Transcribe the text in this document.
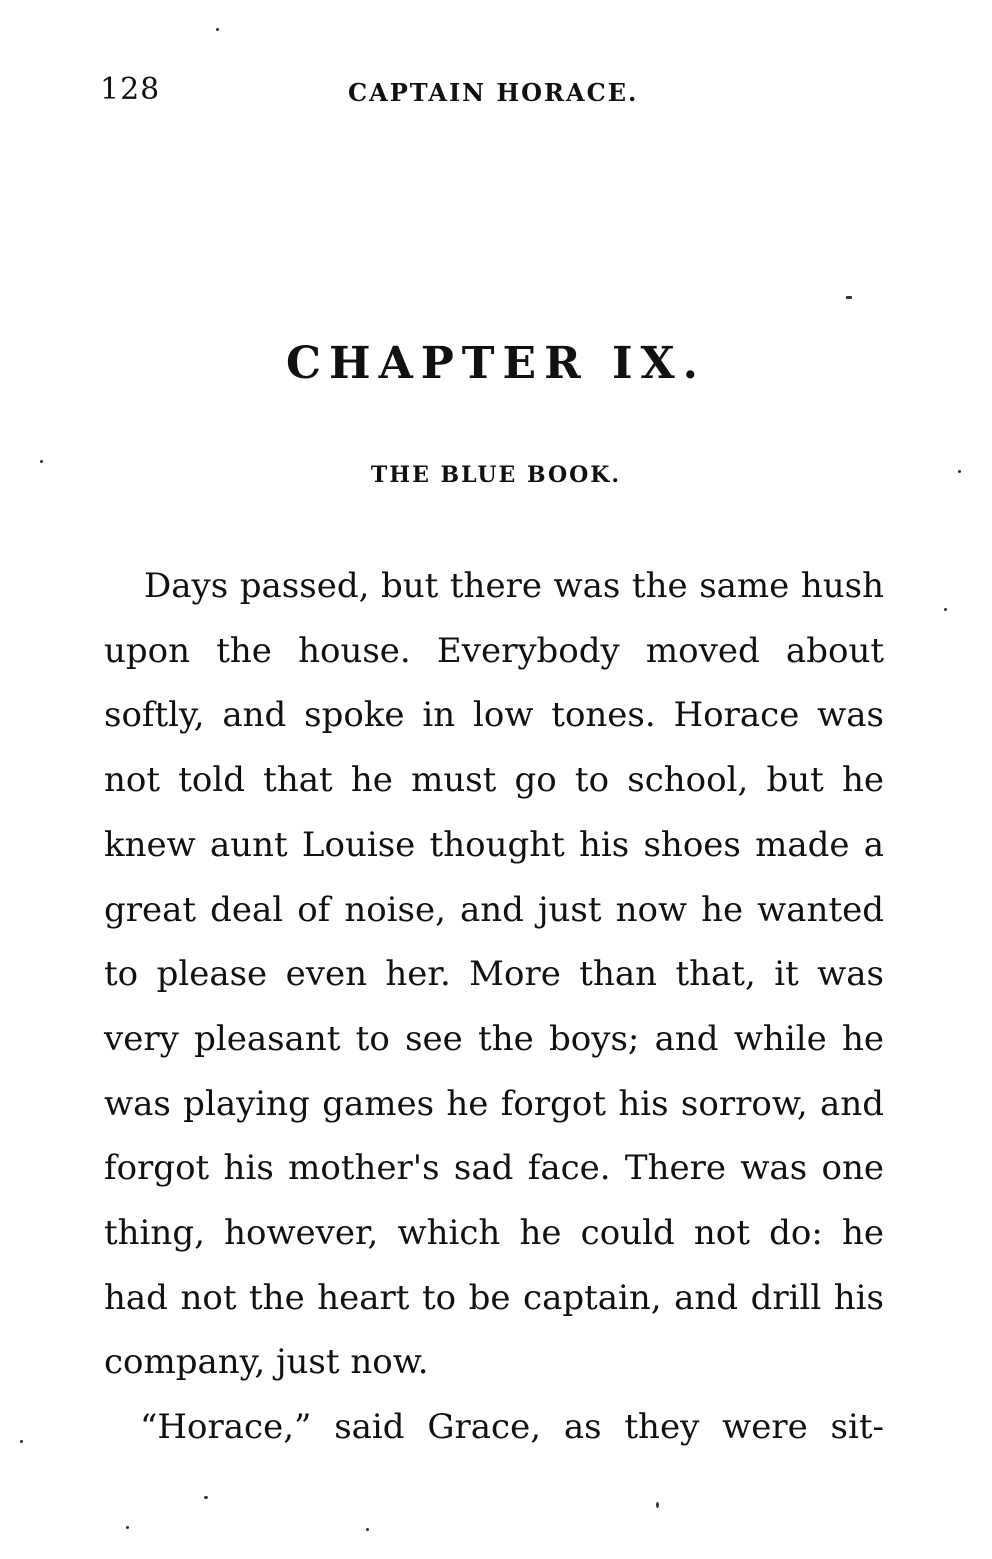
128	CAPTAIN HORACE.
CHAPTER IX.
THE BLUE BOOK.
Days passed, but there was the same hush
upon the house. Everybody moved about
softly, and spoke in low tones. Horace was
not told that he must go to school, but he
knew aunt Louise thought his shoes made a
great deal of noise, and just now he wanted
to please even her. More than that, it was
very pleasant to see the boys; and while he
was playing games he forgot his sorrow, and
forgot his mother's sad face. There was one
thing, however, which he could not do: he
had not the heart to be captain, and drill his
company, just now.
“Horace,” said Grace, as they were sit-
